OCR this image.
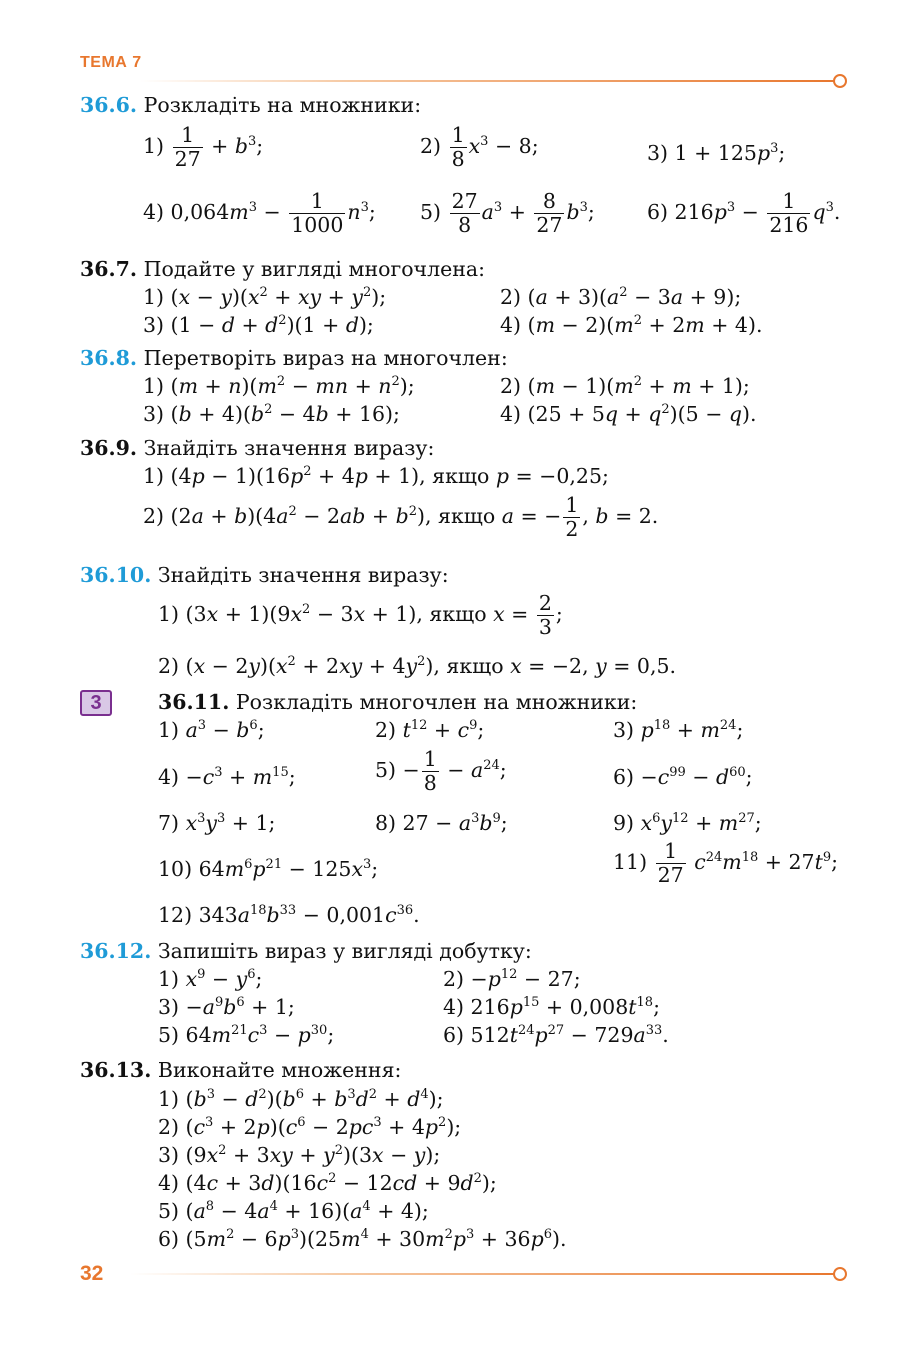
ТЕМА 7
36.6. Розкладіть на множники:
$1) \frac{1}{27} + b^3$;	$2) \frac{1}{8} x^3 - 8$;	3) $1 + 125p^3$;
4) $0,064m^3 - \frac{1}{1000} n^3$; $5) \frac{27}{8} a^3 + \frac{8}{27} b^3$;	6) $216p^3 - \frac{1}{216} q^3$.
36.7. Подайте у вигляді многочлена:
1) $(x - y)(x^2$ + xy + $y^2$);	2) $(a + 3)(a^2 - 3a + 9)$;
3) $(1 - d + d^2)(1 + d)$;	4) $(m - 2)(m^2 + 2m + 4)$.
36.8. Перетворіть вираз на многочлен:
1) $(m + n)(m^2$ − mn + $n^2$);	2) $(m - 1)(m^2 + m + 1)$;
3) $(b + 4)(b^2 - 4b + 16)$;	4) $(25 + 5q + q^2)(5 - q)$.
36.9. Знайдіть значення виразу:
1) $(4p - 1)(16p^2 + 4p + 1)$, якщо p = −0,25;
2) $(2a + b)(4a^2 - 2ab + b^2)$, якщо a = − $\frac{1}{2}$ , b = 2.
36.10. Знайдіть значення виразу:
1) $(3x + 1)(9x^2 - 3x + 1)$, якщо $x = \frac{2}{3}$ ;
2) $(x - 2y)(x^2 + 2xy + 4y^2)$, якщо x = −2, y = 0,5.
3	36.11. Розкладіть многочлен на множники:
1) $a^3 - b^6$;	2) $t^{12} + c^9$;	3) $p^{18} + m^{24}$;
$4) -c^3 + m^{15}$;	$5) - \frac{1}{8} - a^{24}$;	$6) -c^{99} - d^{60}$;
7) $x^3y^3 + 1$;	8) $27 - a^3b^9$;	9) $x^6y^{12} + m^{27}$;
10) $64m^6p^{21} - 125x^3$;	$11) \frac{1}{27} c^{24}m^{18} + 27t^9$;
12) $343a^{18}b^{33} - 0,001c^{36}$.
36.12. Запишіть вираз у вигляді добутку:
1) $x^9 - y^6$;	$2) -p^{12} - 27$;
$3) -a^9b^6 + 1$;	4) $216p^{15} + 0,008t^{18}$;
5) $64m^{21}c^3 - p^{30}$;	6) $512t^{24}p^{27} - 729a^{33}$.
36.13. Виконайте множення:
1) $(b^3 - d^2)(b^6 + b^3d^2 + d^4)$;
2) $(c^3 + 2p)(c^6 - 2pc^3 + 4p^2)$;
3) $(9x^2 + 3xy + y^2)(3x - y)$;
4) $(4c + 3d)(16c^2 - 12cd + 9d^2)$;
5) $(a^8 - 4a^4 + 16)(a^4 + 4)$;
6) $(5m^2 - 6p^3)(25m^4 + 30m^2p^3 + 36p^6)$.
32
